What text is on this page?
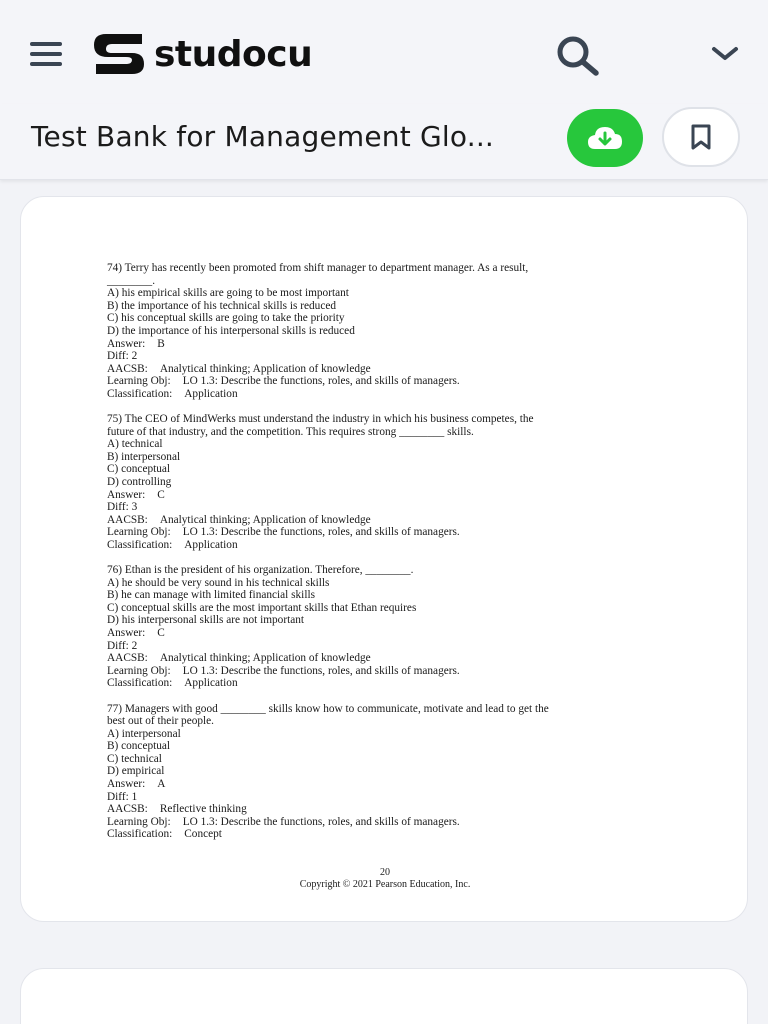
studocu
Test Bank for Management Glo...
74) Terry has recently been promoted from shift manager to department manager. As a result,
________.
A) his empirical skills are going to be most important
B) the importance of his technical skills is reduced
C) his conceptual skills are going to take the priority
D) the importance of his interpersonal skills is reduced
Answer: B
Diff: 2
AACSB: Analytical thinking; Application of knowledge
Learning Obj: LO 1.3: Describe the functions, roles, and skills of managers.
Classification: Application
75) The CEO of MindWerks must understand the industry in which his business competes, the
future of that industry, and the competition. This requires strong ________ skills.
A) technical
B) interpersonal
C) conceptual
D) controlling
Answer: C
Diff: 3
AACSB: Analytical thinking; Application of knowledge
Learning Obj: LO 1.3: Describe the functions, roles, and skills of managers.
Classification: Application
76) Ethan is the president of his organization. Therefore, ________.
A) he should be very sound in his technical skills
B) he can manage with limited financial skills
C) conceptual skills are the most important skills that Ethan requires
D) his interpersonal skills are not important
Answer: C
Diff: 2
AACSB: Analytical thinking; Application of knowledge
Learning Obj: LO 1.3: Describe the functions, roles, and skills of managers.
Classification: Application
77) Managers with good ________ skills know how to communicate, motivate and lead to get the
best out of their people.
A) interpersonal
B) conceptual
C) technical
D) empirical
Answer: A
Diff: 1
AACSB: Reflective thinking
Learning Obj: LO 1.3: Describe the functions, roles, and skills of managers.
Classification: Concept
20
Copyright © 2021 Pearson Education, Inc.
